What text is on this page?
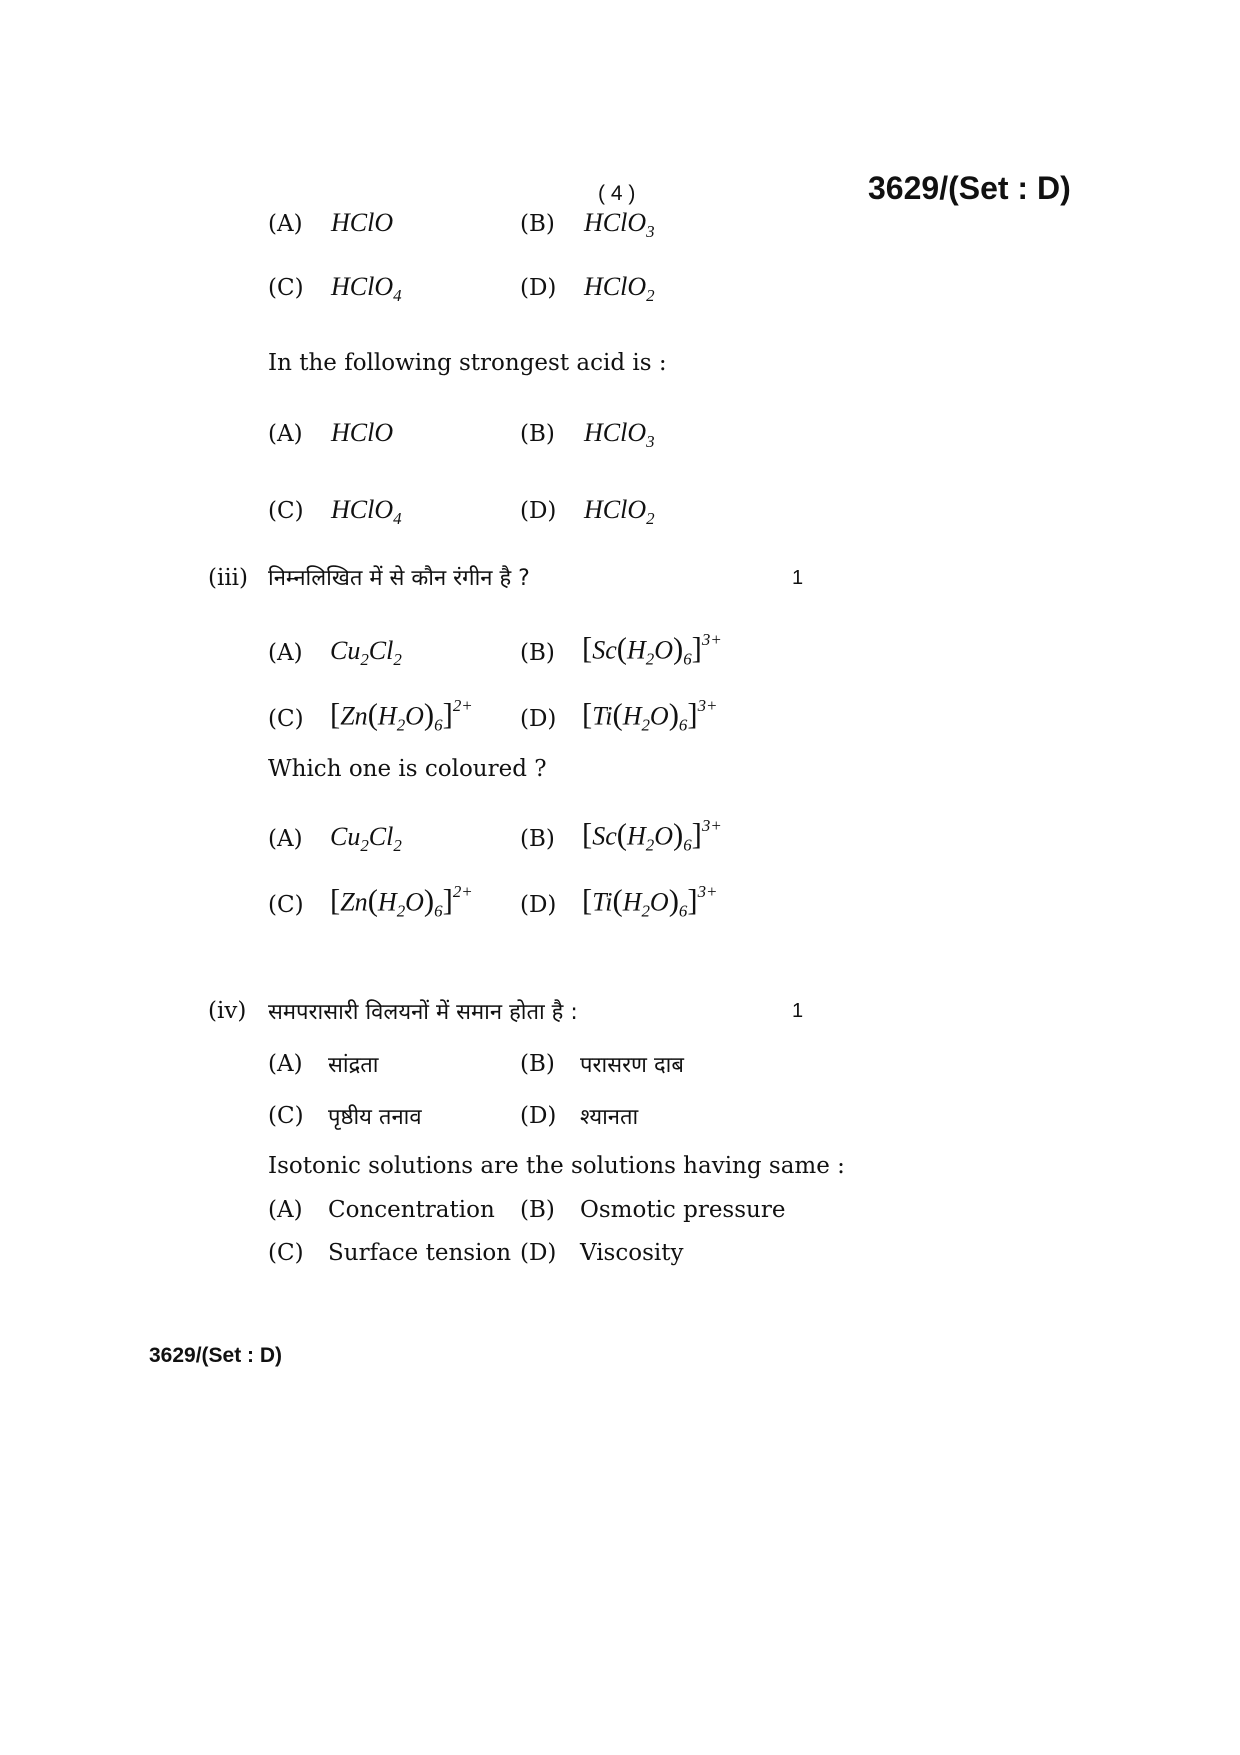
( 4 )	3629/(Set : D)
(A) HClO	(B) HClO$_3$
(C) HClO$_4$	(D) HClO$_2$
In the following strongest acid is :
(A) HClO	(B) HClO$_3$
(C) HClO$_4$	(D) HClO$_2$
(iii) निम्नलिखित में से कौन रंगीन है ?	1
(A) $Cu_2Cl_2$	(B) $[Sc(H_2O)_6]^{3+}$
(C) $[Zn(H_2O)_6]^{2+}$
(D) $[Ti(H_2O)_6]^{3+}$
Which one is coloured ?
(A) $Cu_2Cl_2$	(B) $[Sc(H_2O)_6]^{3+}$
(C) $[Zn(H_2O)_6]^{2+}$
(D) $[Ti(H_2O)_6]^{3+}$
(iv) समपरासारी विलयनों में समान होता है :	1
(A) सांद्रता	(B) परासरण दाब
(C) पृष्ठीय तनाव	(D) श्यानता
Isotonic solutions are the solutions having same :
(A) Concentration (B) Osmotic pressure
(C) Surface tension (D) Viscosity
3629/(Set : D)
